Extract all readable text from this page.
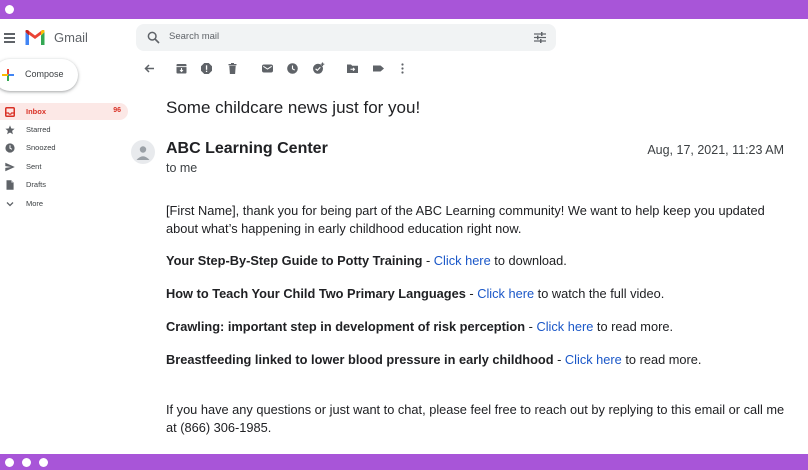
Gmail	Search mail
Compose
Inbox	96
Starred
Snoozed
Sent
Drafts
More
Some childcare news just for you!
ABC Learning Center
to me
Aug, 17, 2021, 11:23 AM
[First Name], thank you for being part of the ABC Learning community! We want to help keep you updated about what’s happening in early childhood education right now.
Your Step-By-Step Guide to Potty Training - Click here to download.
How to Teach Your Child Two Primary Languages - Click here to watch the full video.
Crawling: important step in development of risk perception - Click here to read more.
Breastfeeding linked to lower blood pressure in early childhood - Click here to read more.
If you have any questions or just want to chat, please feel free to reach out by replying to this email or call me at (866) 306-1985.
